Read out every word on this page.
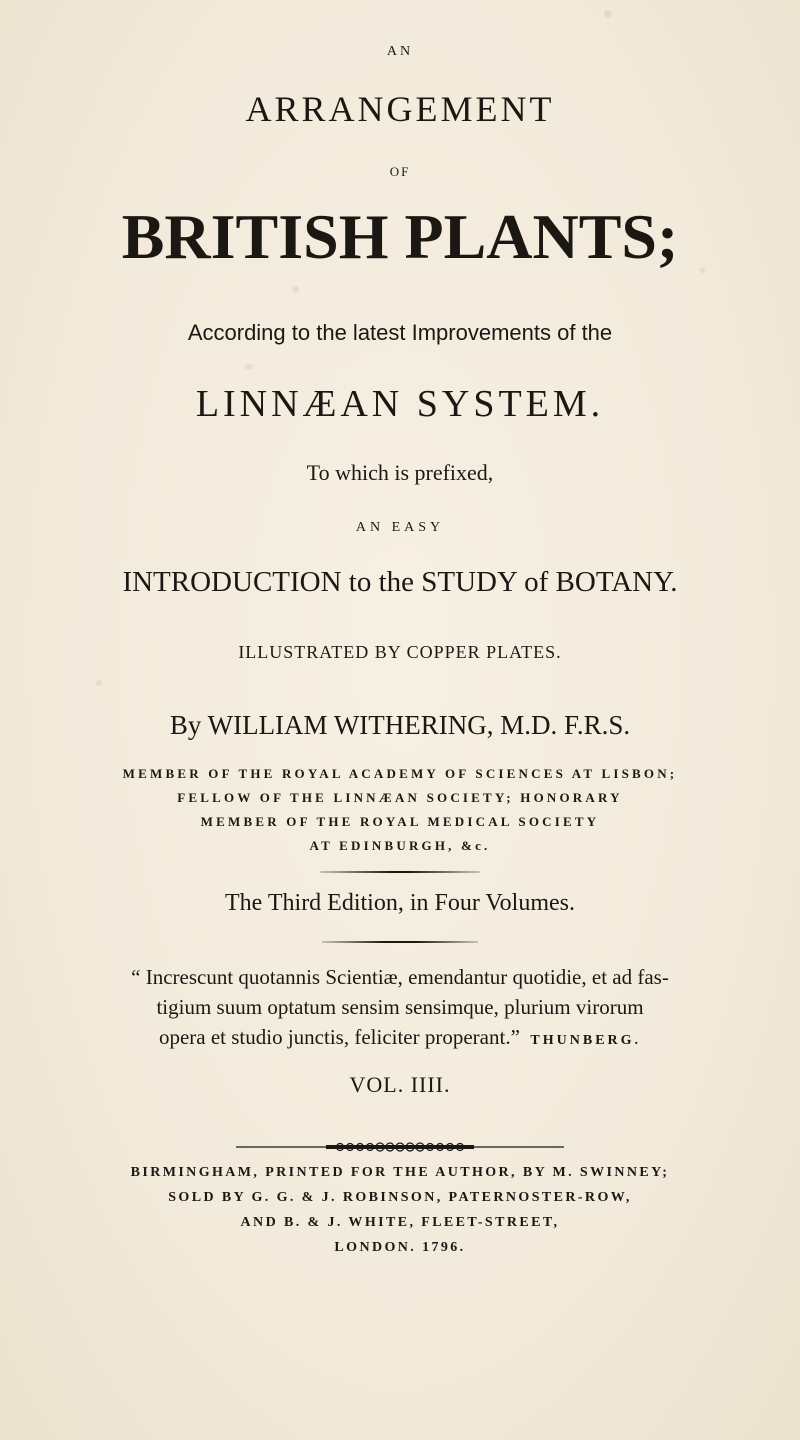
AN
ARRANGEMENT
OF
BRITISH PLANTS;
According to the latest Improvements of the
LINNÆAN SYSTEM.
To which is prefixed,
AN EASY
INTRODUCTION to the STUDY of BOTANY.
ILLUSTRATED BY COPPER PLATES.
By WILLIAM WITHERING, M.D. F.R.S.
MEMBER OF THE ROYAL ACADEMY OF SCIENCES AT LISBON;
FELLOW OF THE LINNÆAN SOCIETY; HONORARY
MEMBER OF THE ROYAL MEDICAL SOCIETY
AT EDINBURGH, &c.
The Third Edition, in Four Volumes.
“ Increscunt quotannis Scientiæ, emendantur quotidie, et ad fas-
tigium suum optatum sensim sensimque, plurium virorum
opera et studio junctis, feliciter properant.” THUNBERG.
VOL. IIII.
BIRMINGHAM, PRINTED FOR THE AUTHOR, BY M. SWINNEY;
SOLD BY G. G. & J. ROBINSON, PATERNOSTER-ROW,
AND B. & J. WHITE, FLEET-STREET,
LONDON. 1796.
